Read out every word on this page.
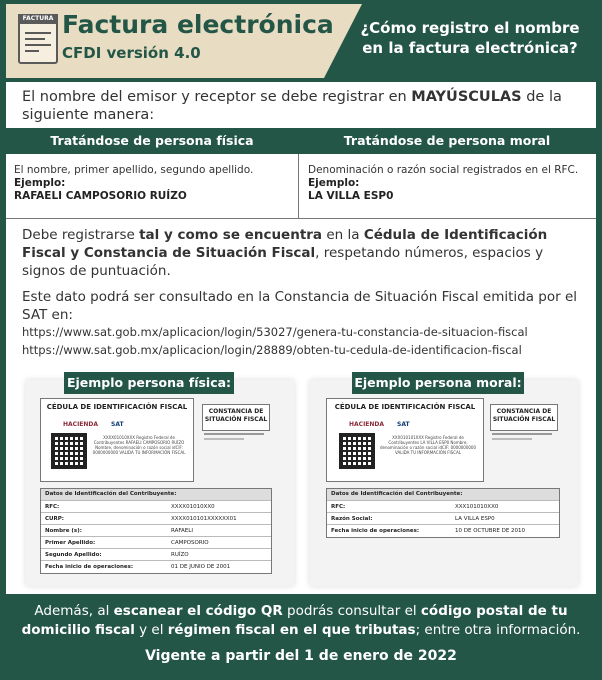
FACTURA Factura electrónica
CFDI versión 4.0
¿Cómo registro el nombre en la factura electrónica?
El nombre del emisor y receptor se debe registrar en MAYÚSCULAS de la siguiente manera:
Tratándose de persona física	Tratándose de persona moral
El nombre, primer apellido, segundo apellido.
Ejemplo:
RAFAELI CAMPOSORIO RUÍZO
Denominación o razón social registrados en el RFC.
Ejemplo:
LA VILLA ESP0
Debe registrarse tal y como se encuentra en la Cédula de Identificación Fiscal y Constancia de Situación Fiscal, respetando números, espacios y signos de puntuación.
Este dato podrá ser consultado en la Constancia de Situación Fiscal emitida por el SAT en:
https://www.sat.gob.mx/aplicacion/login/53027/genera-tu-constancia-de-situacion-fiscal
https://www.sat.gob.mx/aplicacion/login/28889/obten-tu-cedula-de-identificacion-fiscal
Ejemplo persona física:
CÉDULA DE IDENTIFICACIÓN FISCAL
HACIENDA SAT
XXXX01010XXX Registro Federal de Contribuyentes RAFAELI CAMPOSORIO RUÍZO Nombre, denominación o razón social idCIF: 0000000000 VALIDA TU INFORMACIÓN FISCAL
CONSTANCIA DE SITUACIÓN FISCAL
Datos de Identificación del Contribuyente:
RFC:	XXXX01010XX0
CURP:	XXXX010101XXXXXX01
Nombre (s):	RAFAELI
Primer Apellido:	CAMPOSORIO
Segundo Apellido:	RUÍZO
Fecha inicio de operaciones:	01 DE JUNIO DE 2001
Ejemplo persona moral:
CÉDULA DE IDENTIFICACIÓN FISCAL
HACIENDA SAT
XXX010101XXX Registro Federal de Contribuyentes LA VILLA ESP0 Nombre, denominación o razón social idCIF: 0000000000 VALIDA TU INFORMACIÓN FISCAL
CONSTANCIA DE SITUACIÓN FISCAL
Datos de Identificación del Contribuyente:
RFC:	XXX101010XX0
Razón Social:	LA VILLA ESP0
Fecha inicio de operaciones:	10 DE OCTUBRE DE 2010
Además, al escanear el código QR podrás consultar el código postal de tu domicilio fiscal y el régimen fiscal en el que tributas; entre otra información.
Vigente a partir del 1 de enero de 2022
